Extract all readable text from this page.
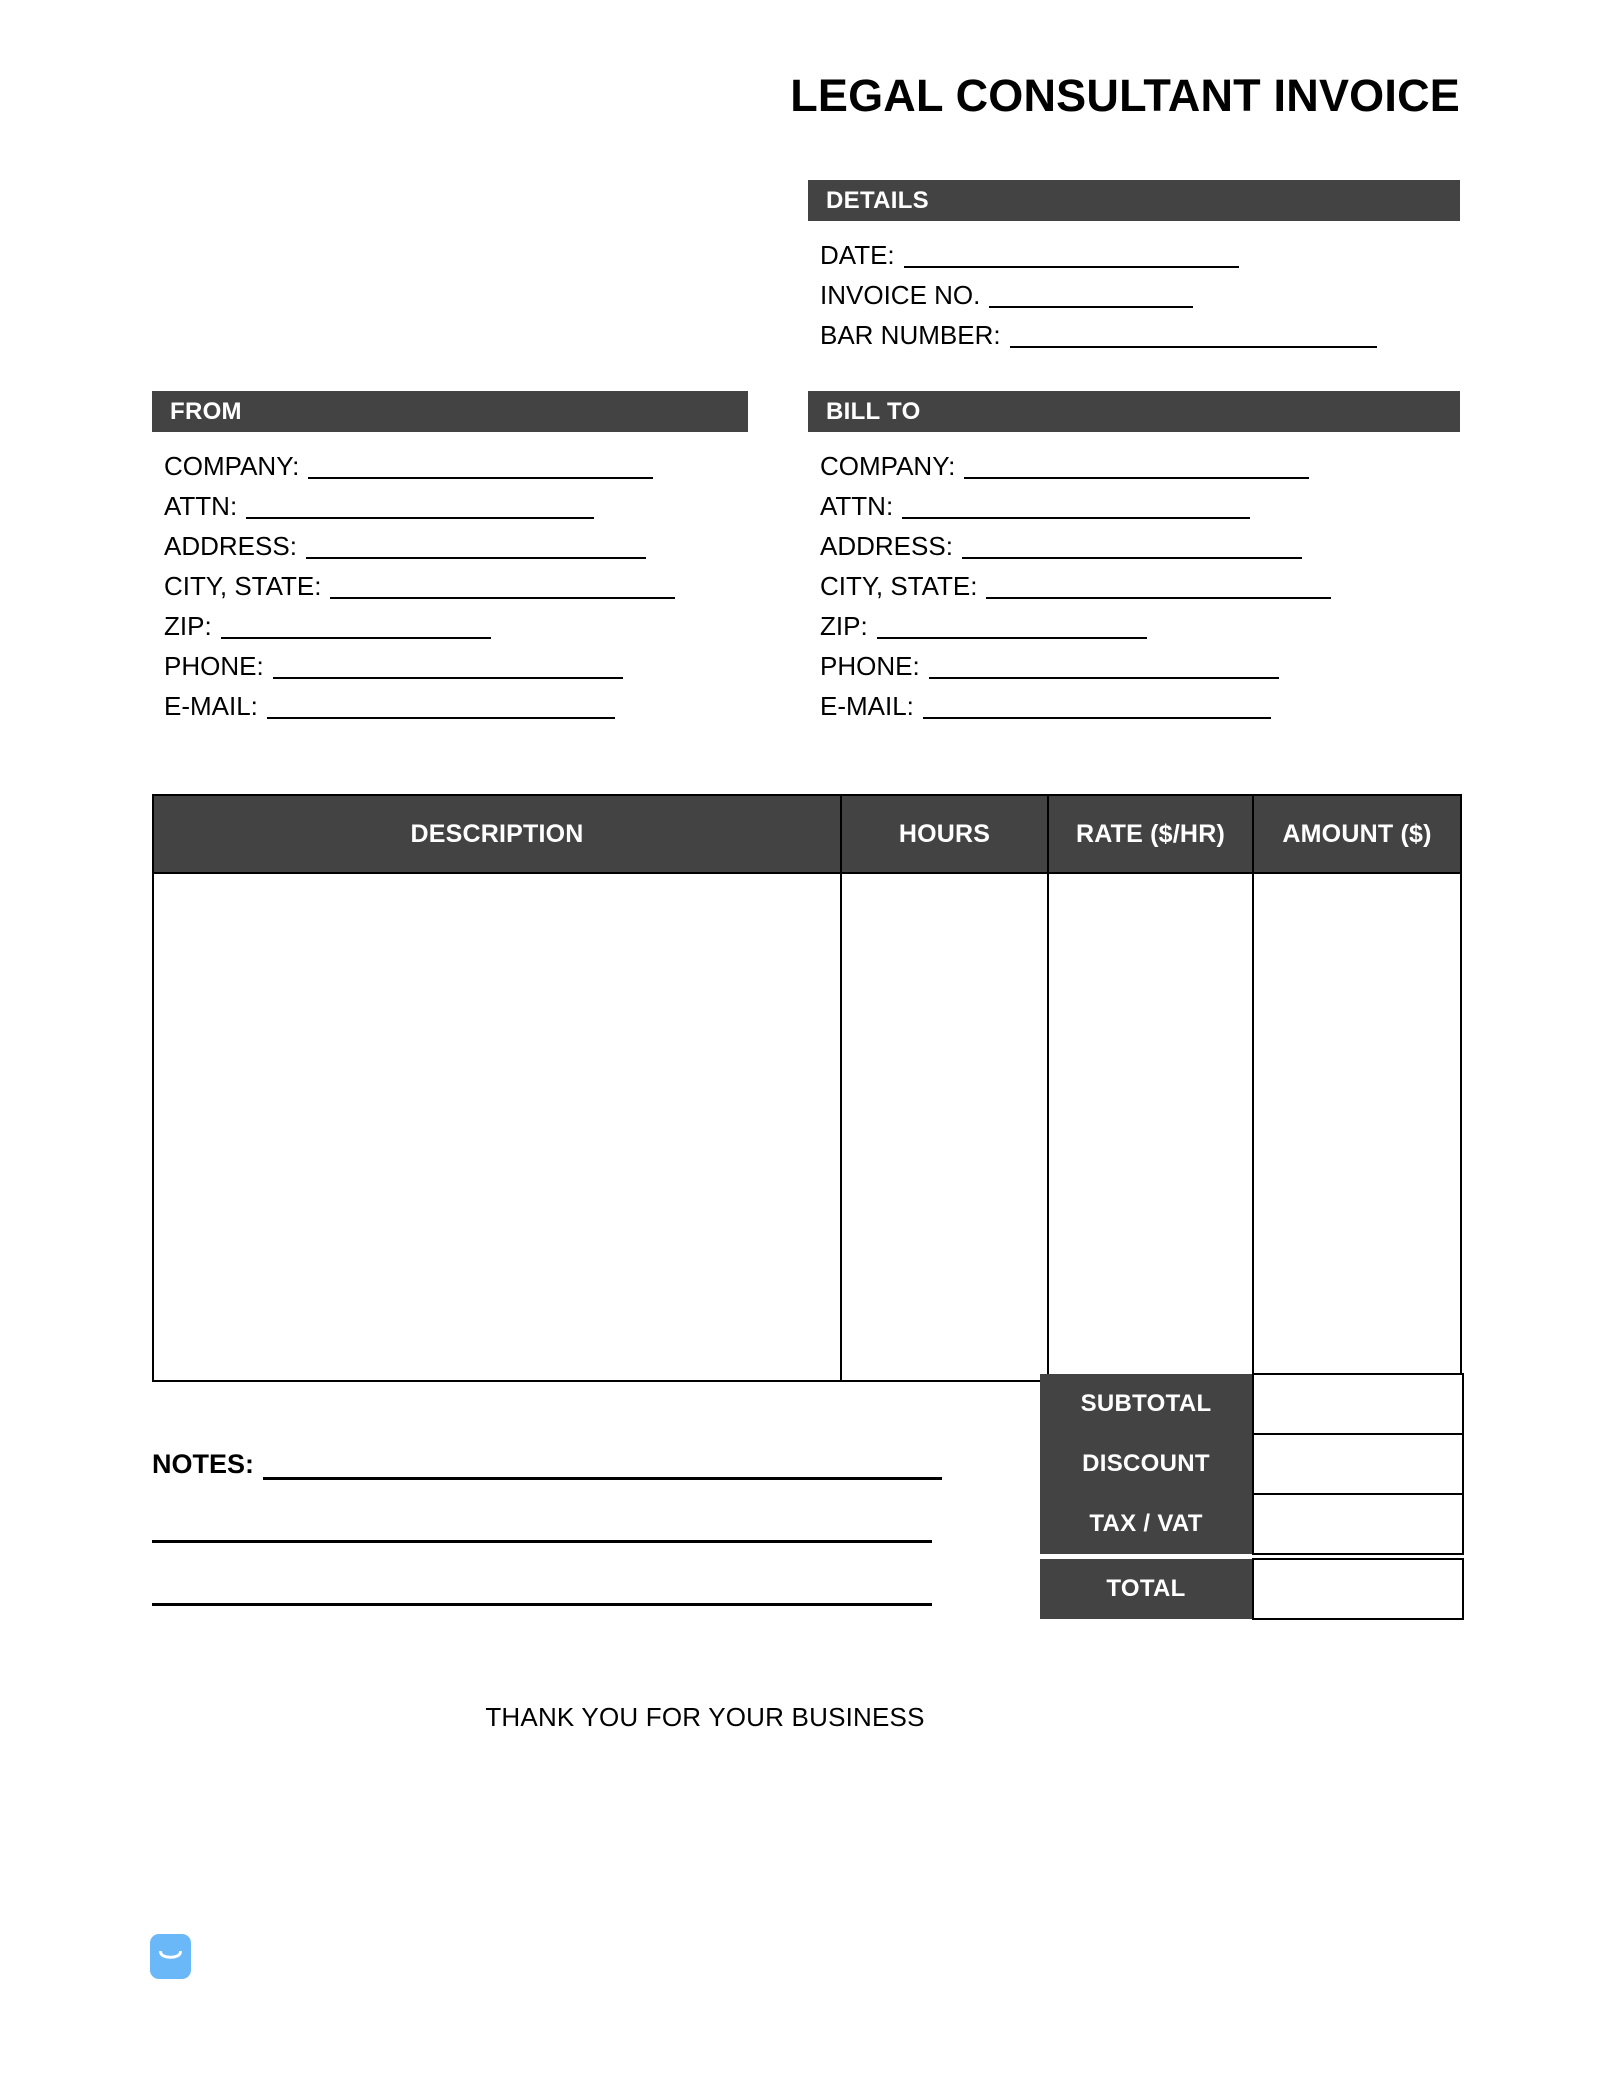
LEGAL CONSULTANT INVOICE
DETAILS
DATE:
INVOICE NO.
BAR NUMBER:
FROM
COMPANY:
ATTN:
ADDRESS:
CITY, STATE:
ZIP:
PHONE:
E-MAIL:
BILL TO
COMPANY:
ATTN:
ADDRESS:
CITY, STATE:
ZIP:
PHONE:
E-MAIL:
DESCRIPTION	HOURS	RATE ($/HR)	AMOUNT ($)

SUBTOTAL	
DISCOUNT	
TAX / VAT	

TOTAL	
NOTES:
THANK YOU FOR YOUR BUSINESS
